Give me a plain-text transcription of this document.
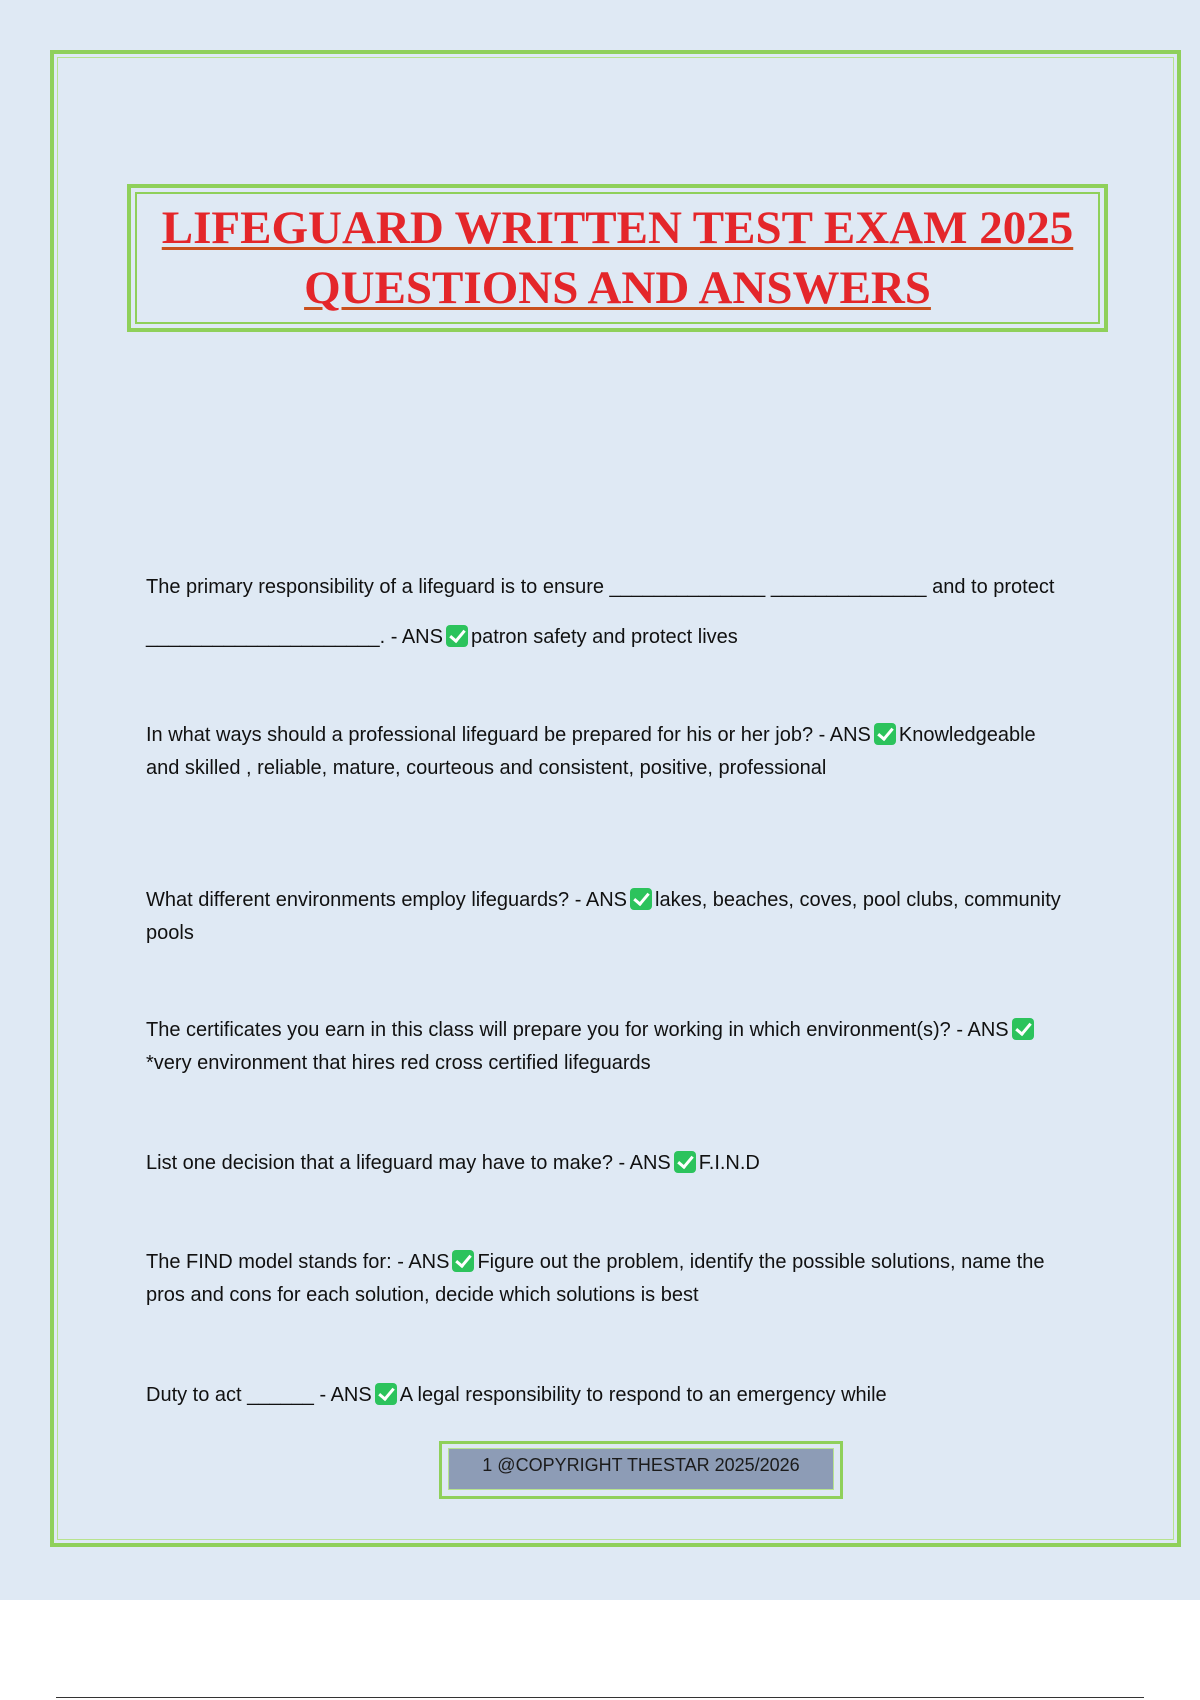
LIFEGUARD WRITTEN TEST EXAM 2025
QUESTIONS AND ANSWERS
The primary responsibility of a lifeguard is to ensure ______________ ______________ and to protect _____________________. - ANS patron safety and protect lives
In what ways should a professional lifeguard be prepared for his or her job? - ANS Knowledgeable and skilled , reliable, mature, courteous and consistent, positive, professional
What different environments employ lifeguards? - ANS lakes, beaches, coves, pool clubs, community pools
The certificates you earn in this class will prepare you for working in which environment(s)? - ANS*very environment that hires red cross certified lifeguards
List one decision that a lifeguard may have to make? - ANS F.I.N.D
The FIND model stands for: - ANS Figure out the problem, identify the possible solutions, name the pros and cons for each solution, decide which solutions is best
Duty to act ______ - ANS A legal responsibility to respond to an emergency while
1 @COPYRIGHT THESTAR 2025/2026
